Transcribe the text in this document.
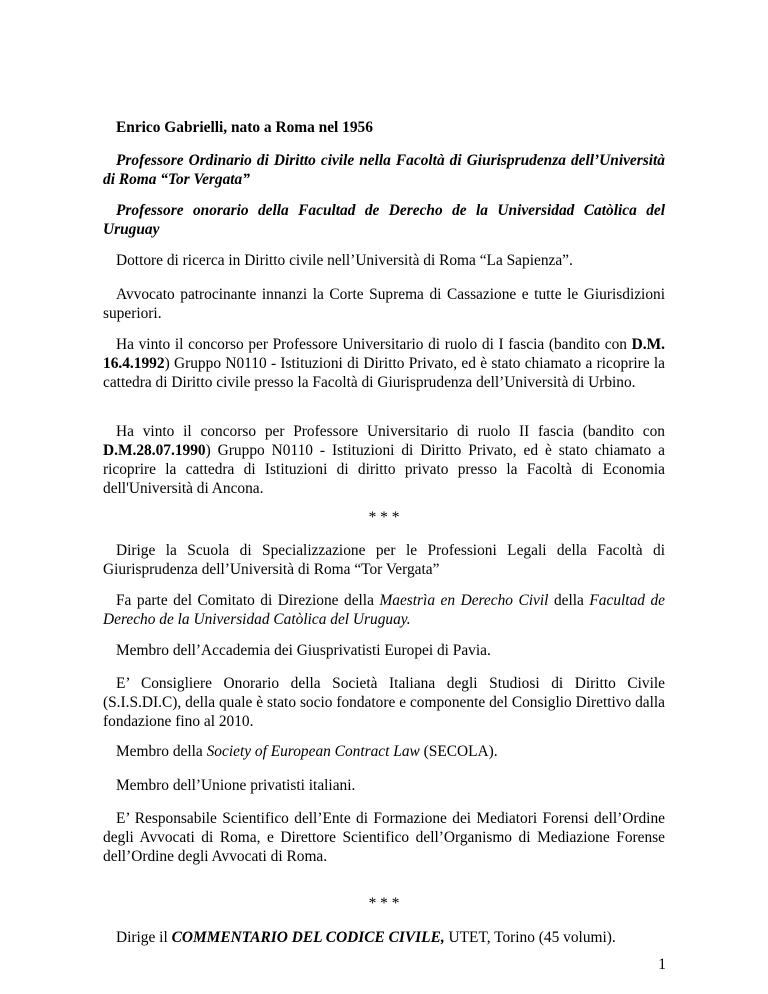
Enrico Gabrielli, nato a Roma nel 1956

Professore Ordinario di Diritto civile nella Facoltà di Giurisprudenza dell’Università di Roma “Tor Vergata”

Professore onorario della Facultad de Derecho de la Universidad Catòlica del Uruguay

Dottore di ricerca in Diritto civile nell’Università di Roma “La Sapienza”.

Avvocato patrocinante innanzi la Corte Suprema di Cassazione e tutte le Giurisdizioni superiori.

Ha vinto il concorso per Professore Universitario di ruolo di I fascia (bandito con D.M. 16.4.1992) Gruppo N0110 - Istituzioni di Diritto Privato, ed è stato chiamato a ricoprire la cattedra di Diritto civile presso la Facoltà di Giurisprudenza dell’Università di Urbino.

Ha vinto il concorso per Professore Universitario di ruolo II fascia (bandito con D.M.28.07.1990) Gruppo N0110 - Istituzioni di Diritto Privato, ed è stato chiamato a ricoprire la cattedra di Istituzioni di diritto privato presso la Facoltà di Economia dell'Università di Ancona.

* * *

Dirige la Scuola di Specializzazione per le Professioni Legali della Facoltà di Giurisprudenza dell’Università di Roma “Tor Vergata”

Fa parte del Comitato di Direzione della Maestrìa en Derecho Civil della Facultad de Derecho de la Universidad Catòlica del Uruguay.

Membro dell’Accademia dei Giusprivatisti Europei di Pavia.

E’ Consigliere Onorario della Società Italiana degli Studiosi di Diritto Civile (S.I.S.DI.C), della quale è stato socio fondatore e componente del Consiglio Direttivo dalla fondazione fino al 2010.

Membro della Society of European Contract Law (SECOLA).

Membro dell’Unione privatisti italiani.

E’ Responsabile Scientifico dell’Ente di Formazione dei Mediatori Forensi dell’Ordine degli Avvocati di Roma, e Direttore Scientifico dell’Organismo di Mediazione Forense dell’Ordine degli Avvocati di Roma.

* * *

Dirige il COMMENTARIO DEL CODICE CIVILE, UTET, Torino (45 volumi).

1
